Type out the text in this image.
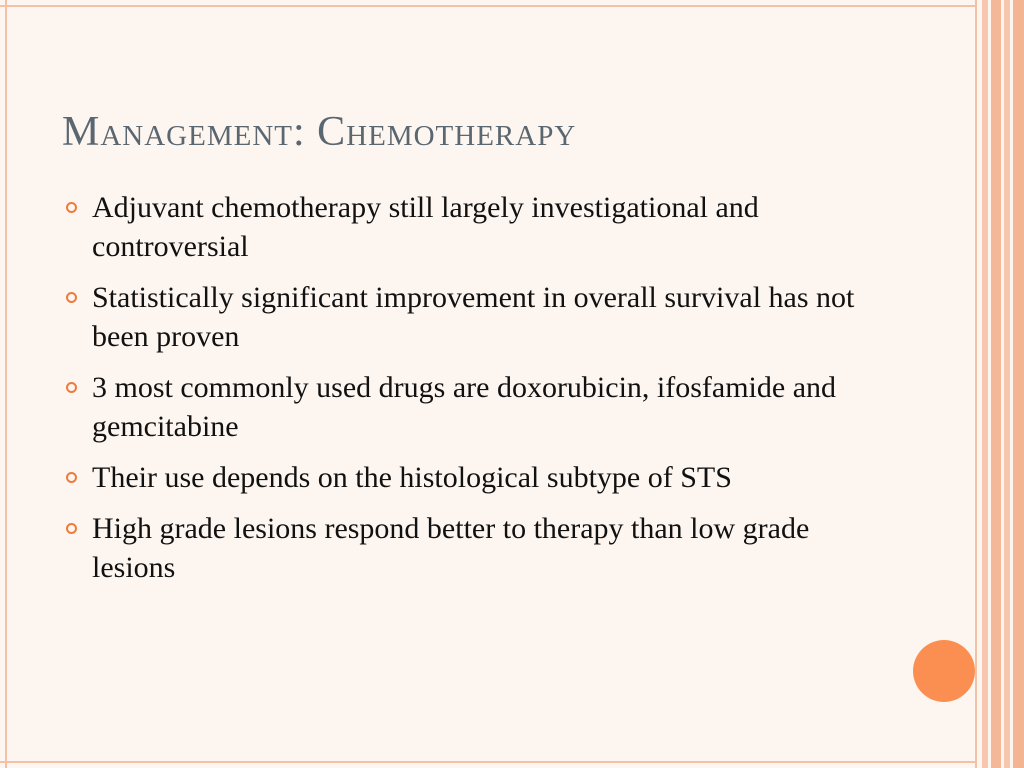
Management: Chemotherapy
Adjuvant chemotherapy still largely investigational and controversial
Statistically significant improvement in overall survival has not been proven
3 most commonly used drugs are doxorubicin, ifosfamide and gemcitabine
Their use depends on the histological subtype of STS
High grade lesions respond better to therapy than low grade lesions
